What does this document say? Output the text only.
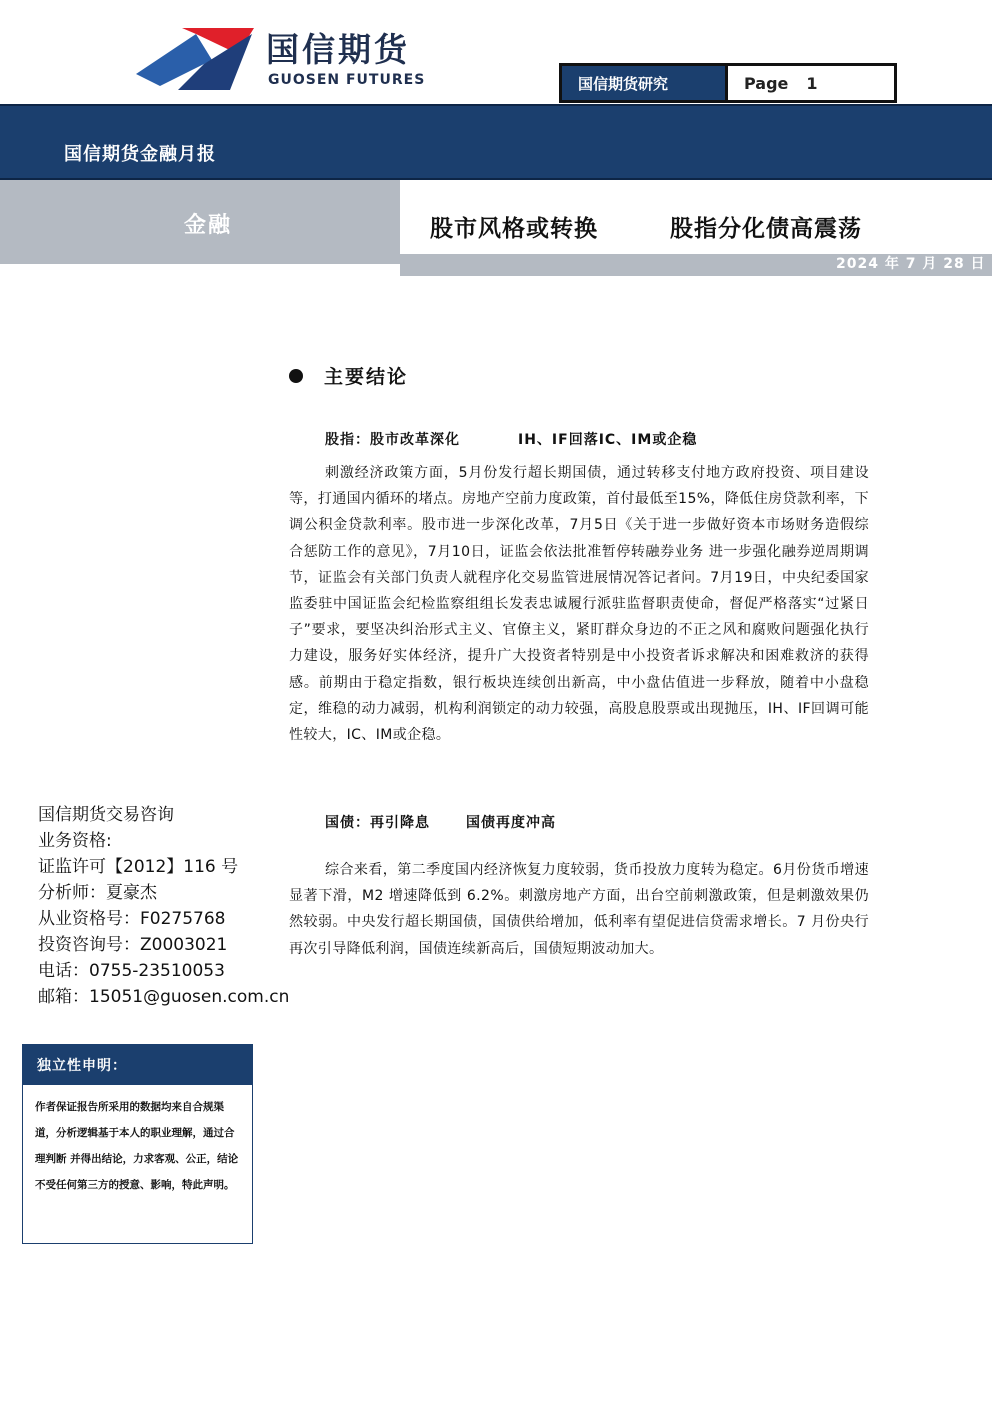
国信期货
GUOSEN FUTURES	国信期货研究	Page 1
国信期货金融月报
金融	股市风格或转换	股指分化债高震荡
2024 年 7 月 28 日
主要结论
股指：股市改革深化	IH、IF回落IC、IM或企稳
刺激经济政策方面，5月份发行超长期国债，通过转移支付地方政府投资、项目建设等，打通国内循环的堵点。房地产空前力度政策，首付最低至15%，降低住房贷款利率，下调公积金贷款利率。股市进一步深化改革，7月5日《关于进一步做好资本市场财务造假综合惩防工作的意见》，7月10日，证监会依法批准暂停转融券业务 进一步强化融券逆周期调节，证监会有关部门负责人就程序化交易监管进展情况答记者问。7月19日，中央纪委国家监委驻中国证监会纪检监察组组长发表忠诚履行派驻监督职责使命，督促严格落实“过紧日子”要求，要坚决纠治形式主义、官僚主义，紧盯群众身边的不正之风和腐败问题强化执行力建设，服务好实体经济，提升广大投资者特别是中小投资者诉求解决和困难救济的获得感。前期由于稳定指数，银行板块连续创出新高，中小盘估值进一步释放，随着中小盘稳定，维稳的动力减弱，机构利润锁定的动力较强，高股息股票或出现抛压，IH、IF回调可能性较大，IC、IM或企稳。
国债：再引降息	国债再度冲高
综合来看，第二季度国内经济恢复力度较弱，货币投放力度转为稳定。6月份货币增速显著下滑，M2 增速降低到 6.2%。刺激房地产方面，出台空前刺激政策，但是刺激效果仍然较弱。中央发行超长期国债，国债供给增加，低利率有望促进信贷需求增长。7 月份央行再次引导降低利润，国债连续新高后，国债短期波动加大。
国信期货交易咨询
业务资格:
证监许可【2012】116 号
分析师：夏豪杰
从业资格号：F0275768
投资咨询号：Z0003021
电话：0755-23510053
邮箱：15051@guosen.com.cn
独立性申明：
作者保证报告所采用的数据均来自合规渠道，分析逻辑基于本人的职业理解，通过合理判断 并得出结论，力求客观、公正，结论不受任何第三方的授意、影响，特此声明。
